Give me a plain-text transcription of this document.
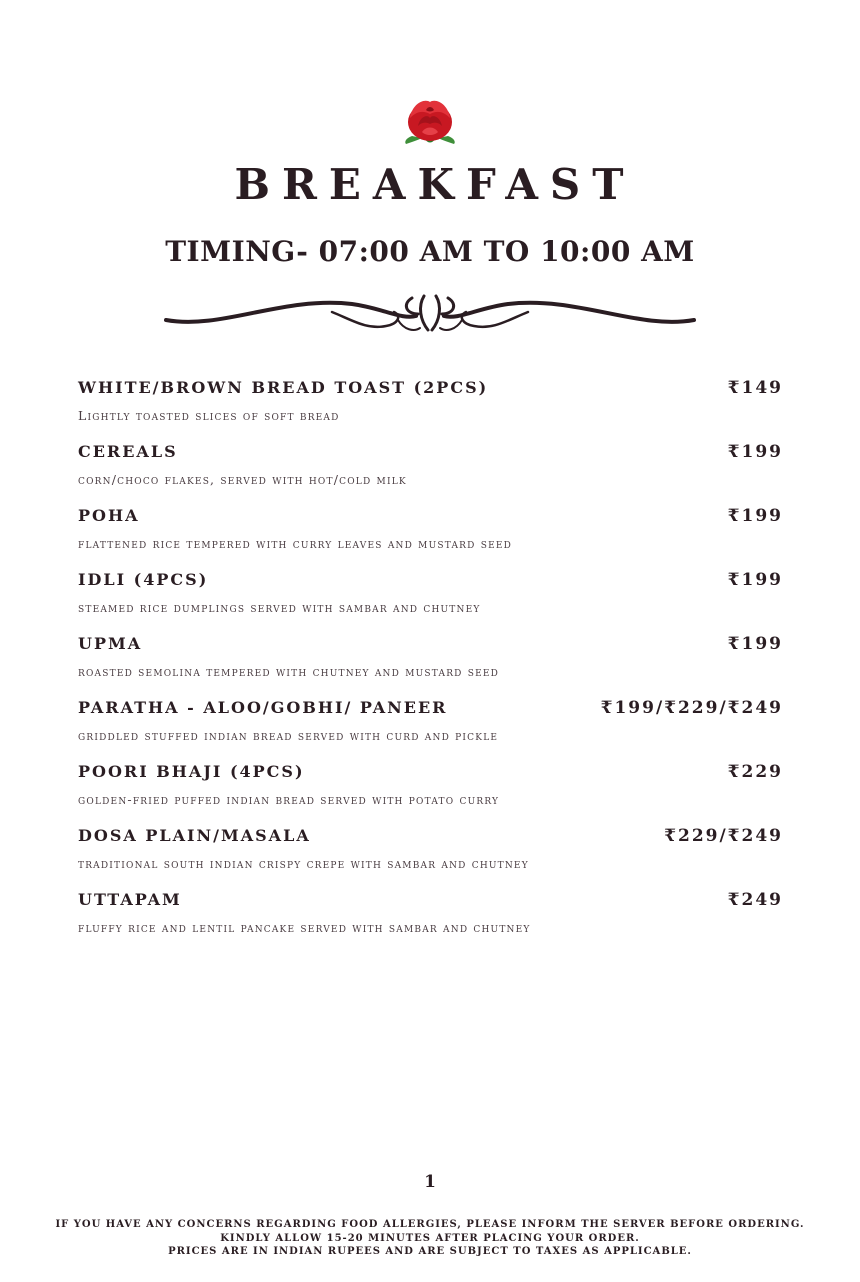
BREAKFAST
TIMING- 07:00 AM TO 10:00 AM
WHITE/BROWN BREAD TOAST (2PCS)	₹149
Lightly toasted slices of soft bread
CEREALS	₹199
corn/choco flakes, served with hot/cold milk
POHA	₹199
flattened rice tempered with curry leaves and mustard seed
IDLI (4PCS)	₹199
steamed rice dumplings served with sambar and chutney
UPMA	₹199
roasted semolina tempered with chutney and mustard seed
PARATHA - ALOO/GOBHI/ PANEER	₹199/₹229/₹249
griddled stuffed indian bread served with curd and pickle
POORI BHAJI (4PCS)	₹229
golden-fried puffed indian bread served with potato curry
DOSA PLAIN/MASALA	₹229/₹249
traditional south indian crispy crepe with sambar and chutney
UTTAPAM	₹249
fluffy rice and lentil pancake served with sambar and chutney
1
IF YOU HAVE ANY CONCERNS REGARDING FOOD ALLERGIES, PLEASE INFORM THE SERVER BEFORE ORDERING.
KINDLY ALLOW 15-20 MINUTES AFTER PLACING YOUR ORDER.
PRICES ARE IN INDIAN RUPEES AND ARE SUBJECT TO TAXES AS APPLICABLE.
